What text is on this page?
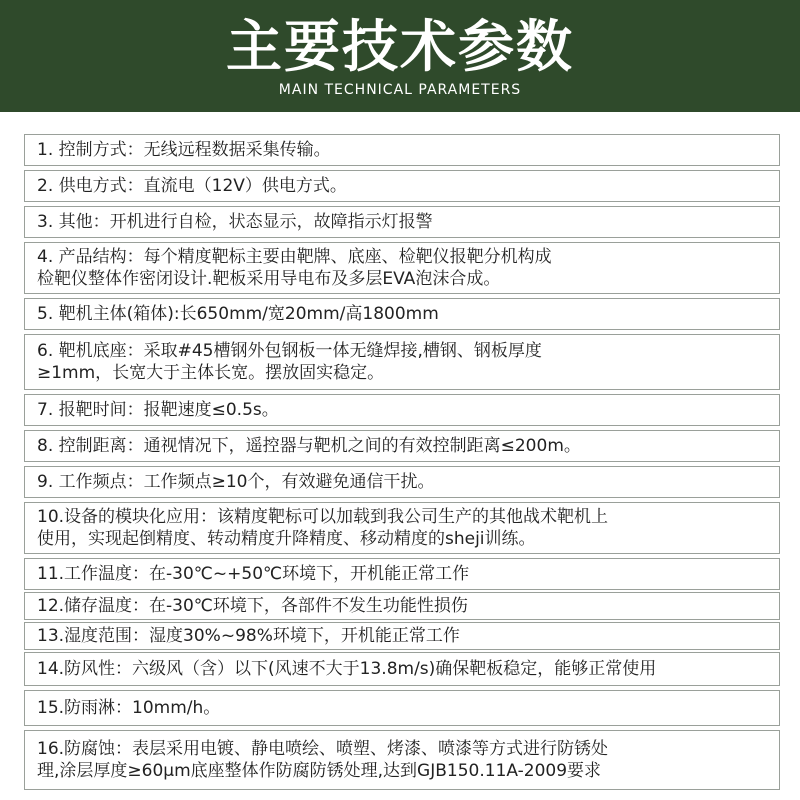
主要技术参数
MAIN TECHNICAL PARAMETERS
1. 控制方式：无线远程数据采集传输。
2. 供电方式：直流电（12V）供电方式。
3. 其他：开机进行自检，状态显示，故障指示灯报警
4. 产品结构：每个精度靶标主要由靶牌、底座、检靶仪报靶分机构成
检靶仪整体作密闭设计.靶板采用导电布及多层EVA泡沫合成。
5. 靶机主体(箱体):长650mm/宽20mm/高1800mm
6. 靶机底座：采取#45槽钢外包钢板一体无缝焊接,槽钢、钢板厚度
≥1mm，长宽大于主体长宽。摆放固实稳定。
7. 报靶时间：报靶速度≤0.5s。
8. 控制距离：通视情况下，遥控器与靶机之间的有效控制距离≤200m。
9. 工作频点：工作频点≥10个，有效避免通信干扰。
10.设备的模块化应用：该精度靶标可以加载到我公司生产的其他战术靶机上
使用，实现起倒精度、转动精度升降精度、移动精度的sheji训练。
11.工作温度：在-30℃~+50℃环境下，开机能正常工作
12.储存温度：在-30℃环境下，各部件不发生功能性损伤
13.湿度范围：湿度30%~98%环境下，开机能正常工作
14.防风性：六级风（含）以下(风速不大于13.8m/s)确保靶板稳定，能够正常使用
15.防雨淋：10mm/h。
16.防腐蚀：表层采用电镀、静电喷绘、喷塑、烤漆、喷漆等方式进行防锈处
理,涂层厚度≥60μm底座整体作防腐防锈处理,达到GJB150.11A-2009要求
